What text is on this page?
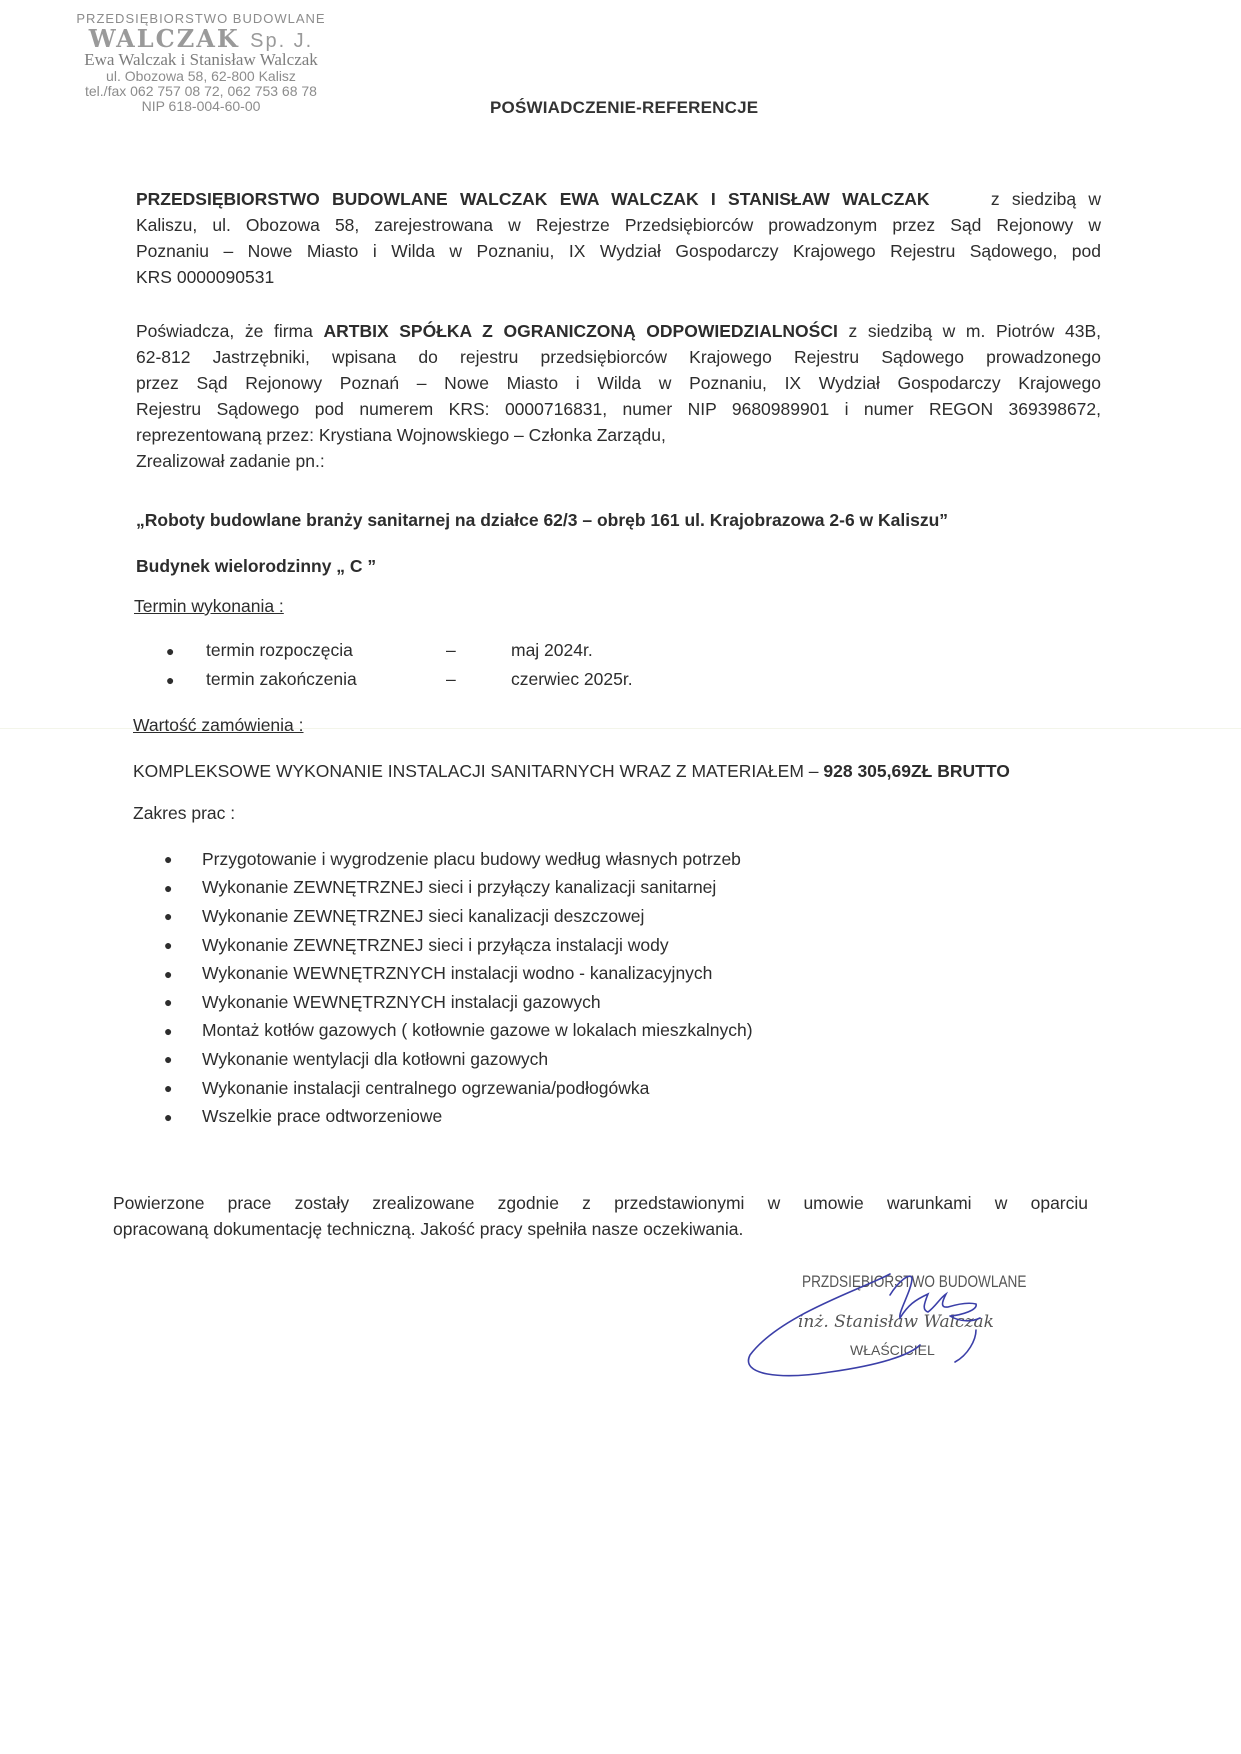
PRZEDSIĘBIORSTWO BUDOWLANE
WALCZAK Sp. J.
Ewa Walczak i Stanisław Walczak
ul. Obozowa 58, 62-800 Kalisz
tel./fax 062 757 08 72, 062 753 68 78
NIP 618-004-60-00	POŚWIADCZENIE-REFERENCJE
PRZEDSIĘBIORSTWO BUDOWLANE WALCZAK EWA WALCZAK I STANISŁAW WALCZAK	z siedzibą w
Kaliszu, ul. Obozowa 58, zarejestrowana w Rejestrze Przedsiębiorców prowadzonym przez Sąd Rejonowy w
Poznaniu – Nowe Miasto i Wilda w Poznaniu, IX Wydział Gospodarczy Krajowego Rejestru Sądowego, pod
KRS 0000090531
Poświadcza, że firma ARTBIX SPÓŁKA Z OGRANICZONĄ ODPOWIEDZIALNOŚCI z siedzibą w m. Piotrów 43B,
62-812 Jastrzębniki, wpisana do rejestru przedsiębiorców Krajowego Rejestru Sądowego prowadzonego
przez Sąd Rejonowy Poznań – Nowe Miasto i Wilda w Poznaniu, IX Wydział Gospodarczy Krajowego
Rejestru Sądowego pod numerem KRS: 0000716831, numer NIP 9680989901 i numer REGON 369398672,
reprezentowaną przez: Krystiana Wojnowskiego – Członka Zarządu,
Zrealizował zadanie pn.:
„Roboty budowlane branży sanitarnej na działce 62/3 – obręb 161 ul. Krajobrazowa 2-6 w Kaliszu”
Budynek wielorodzinny „ C ”
Termin wykonania :
●	termin rozpoczęcia	–	maj 2024r.
●	termin zakończenia	–	czerwiec 2025r.
Wartość zamówienia :
KOMPLEKSOWE WYKONANIE INSTALACJI SANITARNYCH WRAZ Z MATERIAŁEM – 928 305,69ZŁ BRUTTO
Zakres prac :
●	Przygotowanie i wygrodzenie placu budowy według własnych potrzeb
●	Wykonanie ZEWNĘTRZNEJ sieci i przyłączy kanalizacji sanitarnej
●	Wykonanie ZEWNĘTRZNEJ sieci kanalizacji deszczowej
●	Wykonanie ZEWNĘTRZNEJ sieci i przyłącza instalacji wody
●	Wykonanie WEWNĘTRZNYCH instalacji wodno - kanalizacyjnych
●	Wykonanie WEWNĘTRZNYCH instalacji gazowych
●	Montaż kotłów gazowych ( kotłownie gazowe w lokalach mieszkalnych)
●	Wykonanie wentylacji dla kotłowni gazowych
●	Wykonanie instalacji centralnego ogrzewania/podłogówka
●	Wszelkie prace odtworzeniowe
Powierzone prace zostały zrealizowane zgodnie z przedstawionymi w umowie warunkami w oparciu
opracowaną dokumentację techniczną. Jakość pracy spełniła nasze oczekiwania.
PRZDSIĘBIORSTWO BUDOWLANE
inż. Stanisław Walczak
WŁAŚCICIEL
